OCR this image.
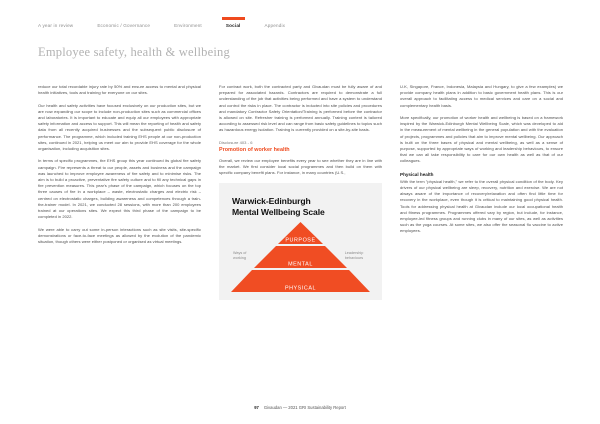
A year in review	Economic / Governance	Environment	Social	Appendix
Employee safety, health & wellbeing

reduce our total recordable injury rate by 50% and ensure access to mental and physical health initiatives, tools and training for everyone on our sites.

Our health and safety activities have focused exclusively on our production sites, but we are now expanding our scope to include non-production sites such as commercial offices and laboratories. It is important to educate and equip all our employees with appropriate safety information and access to support. This will mean the reporting of health and safety data from all recently acquired businesses and the subsequent public disclosure of performance. The programme, which included training EHS people at our non-production sites, continued in 2021, helping us meet our aim to provide EHS coverage for the whole organisation, including acquisition sites.

In terms of specific programmes, the EHS group this year continued its global fire safety campaign. Fire represents a threat to our people, assets and business and the campaign was launched to improve employee awareness of fire safety and to minimise risks. The aim is to build a proactive, preventative fire safety culture and to fill any technical gaps in fire prevention measures. This year's phase of the campaign, which focuses on the top three causes of fire in a workplace – waste, electrostatic charges and electric risk – centred on electrostatic charges, building awareness and competences through a train-the-trainer model. In 2021, we conducted 28 sessions, with more than 200 employees trained at our operations sites. We expect this third phase of the campaign to be completed in 2022.

We were able to carry out some in-person interactions such as site visits, site-specific demonstrations or face-to-face meetings as allowed by the evolution of the pandemic situation, though others were either postponed or organised as virtual meetings.

For contract work, both the contracted party and Givaudan must be fully aware of and prepared for associated hazards. Contractors are required to demonstrate a full understanding of the job that activities being performed and have a system to understand and control the risks in place. The contractor is inducted into site policies and procedures and mandatory Contractor Safety Orientation/Training is performed before the contractor is allowed on site. Refresher training is performed annually. Training content is tailored according to assessed risk level and can range from basic safety guidelines to topics such as hazardous energy isolation. Training is currently provided on a site-by-site basis.

Disclosure 403 - 6
Promotion of worker health

Overall, we review our employee benefits every year to see whether they are in line with the market. We first consider local social programmes and then build on them with specific company benefit plans. For instance, in many countries (U.S.,

Warwick-Edinburgh
Mental Wellbeing Scale
Ways of
working
Leadership
behaviours
PURPOSE
MENTAL
PHYSICAL

U.K, Singapore, France, Indonesia, Malaysia and Hungary, to give a few examples) we provide company health plans in addition to basic government health plans. This is our overall approach to facilitating access to medical services and care on a social and complementary health basis.

More specifically, our promotion of worker health and wellbeing is based on a framework inspired by the Warwick-Edinburgh Mental Wellbeing Scale, which was developed to aid in the measurement of mental wellbeing in the general population and with the evaluation of projects, programmes and policies that aim to improve mental wellbeing. Our approach is built on the three bases of physical and mental wellbeing, as well as a sense of purpose, supported by appropriate ways of working and leadership behaviours, to ensure that we can all take responsibility to care for our own health as well as that of our colleagues.

Physical health

With the term "physical health," we refer to the overall physical condition of the body. Key drivers of our physical wellbeing are sleep, recovery, nutrition and exercise. We are not always aware of the importance of recovery/relaxation and often find little time for recovery in the workplace, even though it is critical to maintaining good physical health. Tools for addressing physical health at Givaudan include our local occupational health and fitness programmes. Programmes offered vary by region, but include, for instance, employee-led fitness groups and running clubs in many of our sites, as well as activities such as the yoga courses. At some sites, we also offer the seasonal flu vaccine to active employees.

97 Givaudan — 2021 GRI Sustainability Report
